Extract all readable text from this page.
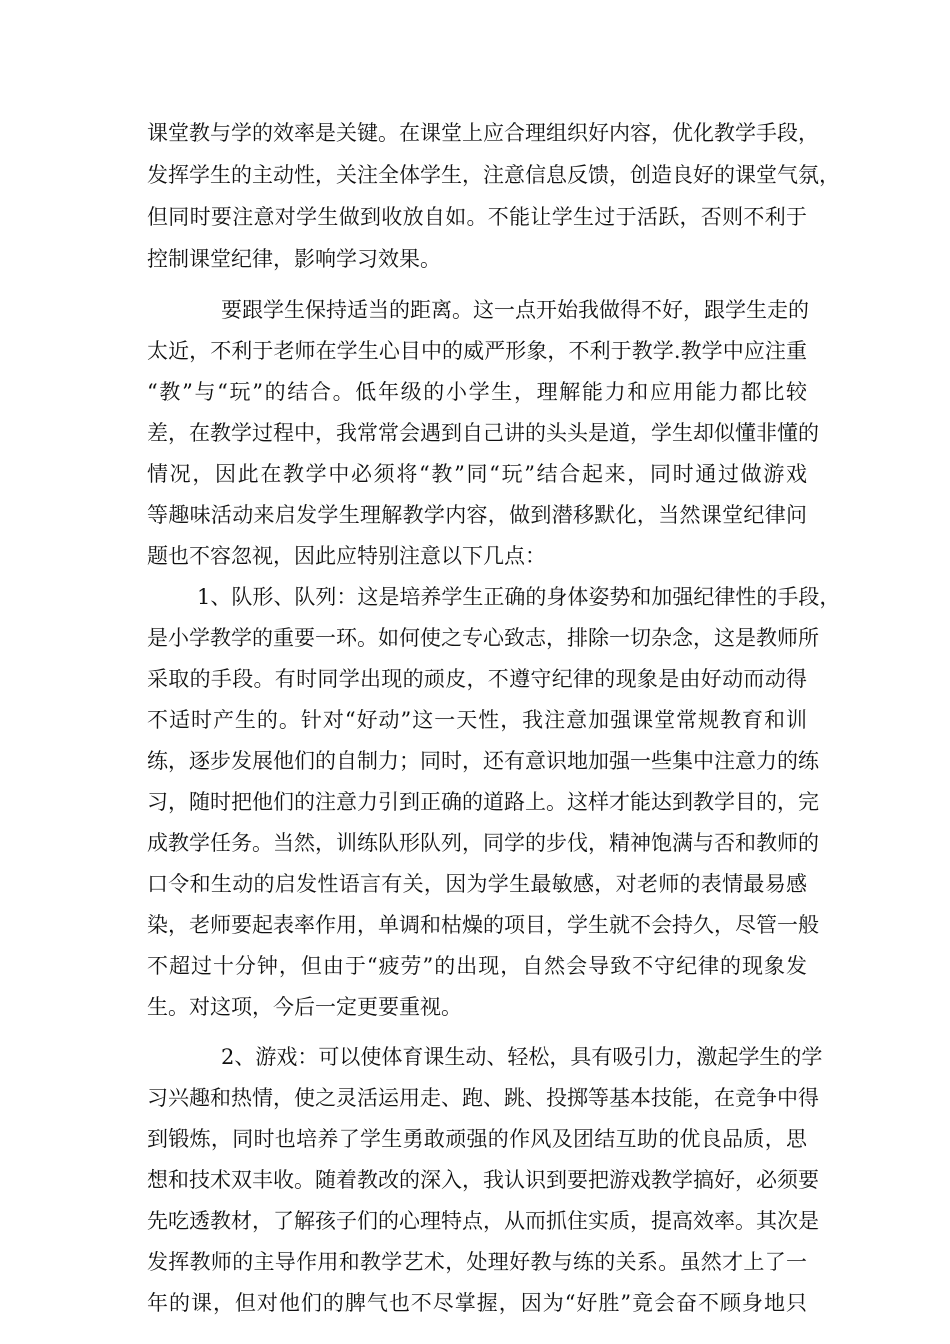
课堂教与学的效率是关键。在课堂上应合理组织好内容，优化教学手段，
发挥学生的主动性，关注全体学生，注意信息反馈，创造良好的课堂气氛，
但同时要注意对学生做到收放自如。不能让学生过于活跃，否则不利于
控制课堂纪律，影响学习效果。
要跟学生保持适当的距离。这一点开始我做得不好，跟学生走的
太近，不利于老师在学生心目中的威严形象，不利于教学.教学中应注重
“教”与“玩”的结合。低年级的小学生，理解能力和应用能力都比较
差，在教学过程中，我常常会遇到自己讲的头头是道，学生却似懂非懂的
情况，因此在教学中必须将“教”同“玩”结合起来，同时通过做游戏
等趣味活动来启发学生理解教学内容，做到潜移默化，当然课堂纪律问
题也不容忽视，因此应特别注意以下几点：
1、队形、队列：这是培养学生正确的身体姿势和加强纪律性的手段，
是小学教学的重要一环。如何使之专心致志，排除一切杂念，这是教师所
采取的手段。有时同学出现的顽皮，不遵守纪律的现象是由好动而动得
不适时产生的。针对“好动”这一天性，我注意加强课堂常规教育和训
练，逐步发展他们的自制力；同时，还有意识地加强一些集中注意力的练
习，随时把他们的注意力引到正确的道路上。这样才能达到教学目的，完
成教学任务。当然，训练队形队列，同学的步伐，精神饱满与否和教师的
口令和生动的启发性语言有关，因为学生最敏感，对老师的表情最易感
染，老师要起表率作用，单调和枯燥的项目，学生就不会持久，尽管一般
不超过十分钟，但由于“疲劳”的出现，自然会导致不守纪律的现象发
生。对这项，今后一定更要重视。
2、游戏：可以使体育课生动、轻松，具有吸引力，激起学生的学
习兴趣和热情，使之灵活运用走、跑、跳、投掷等基本技能，在竞争中得
到锻炼，同时也培养了学生勇敢顽强的作风及团结互助的优良品质，思
想和技术双丰收。随着教改的深入，我认识到要把游戏教学搞好，必须要
先吃透教材，了解孩子们的心理特点，从而抓住实质，提高效率。其次是
发挥教师的主导作用和教学艺术，处理好教与练的关系。虽然才上了一
年的课，但对他们的脾气也不尽掌握，因为“好胜”竟会奋不顾身地只
